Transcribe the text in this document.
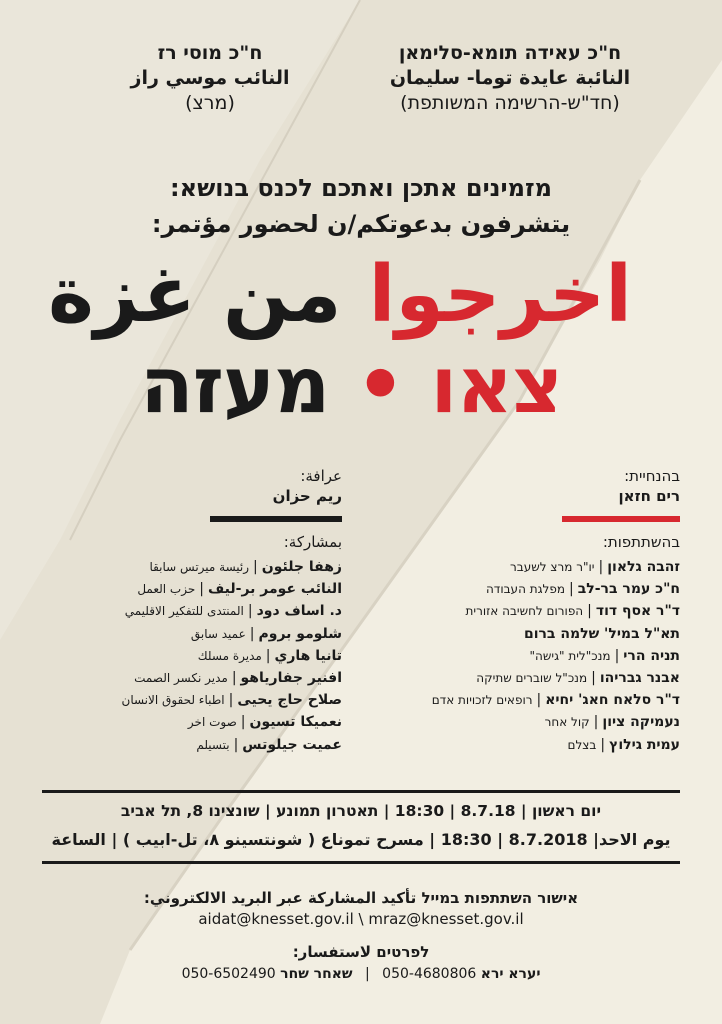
ח"כ עאידה תומא-סלימאן
النائبة عايدة توما- سليمان
(חד"ש-הרשימה המשותפת)
ח"כ מוסי רז
النائب موسي راز
(מרצ)
מזמינים אתכן ואתכם לכנס בנושא:
يتشرفون بدعوتكم/ن لحضور مؤتمر:
اخرجوا من غزة
צאו • מעזה
בהנחיית:
רים חזאן
عرافة:
ريم حزان
בהשתתפות:
זהבה גלאון|יו"ר מרצ לשעבר
ח"כ עמר בר-לב|מפלגת העבודה
ד"ר אסף דוד|הפורום לחשיבה אזורית
תא"ל במיל' שלמה ברום
תניה הרי|מנכ"לית "גישה"
אבנר גבריהו|מנכ"ל שוברים שתיקה
ד"ר סלאח חאג' יחיא|רופאים לזכויות אדם
נעמיקה ציון|קול אחר
עמית גילוץ|בצלם
بمشاركة:
زهفا جلئون|رئيسة ميرتس سابقا
النائب عومر بر-ليف|حزب العمل
د. اساف دود|المنتدى للتفكير الاقليمي
شلومو بروم|عميد سابق
تانيا هاري|مديرة مسلك
افنير جفارياهو|مدير نكسر الصمت
صلاح حاج يحيى|اطباء لحقوق الانسان
نعميكا تسيون|صوت اخر
عميت جيلوتس|بتسيلم
יום ראשון | 8.7.18 | 18:30 | תאטרון תמונע | שונצינו 8, תל אביב
يوم الاحد| 8.7.2018 | 18:30 | مسرح تموناع ( شونتسينو ٨، تل-ابيب ) | الساعة
אישור השתתפות במייל تأكيد المشاركة عبر البريد الالكتروني:
aidat@knesset.gov.il \ mraz@knesset.gov.il
לפרטים لاستفسار:
יערא ירא 050-4680806 | שאחר שחר 050-6502490
